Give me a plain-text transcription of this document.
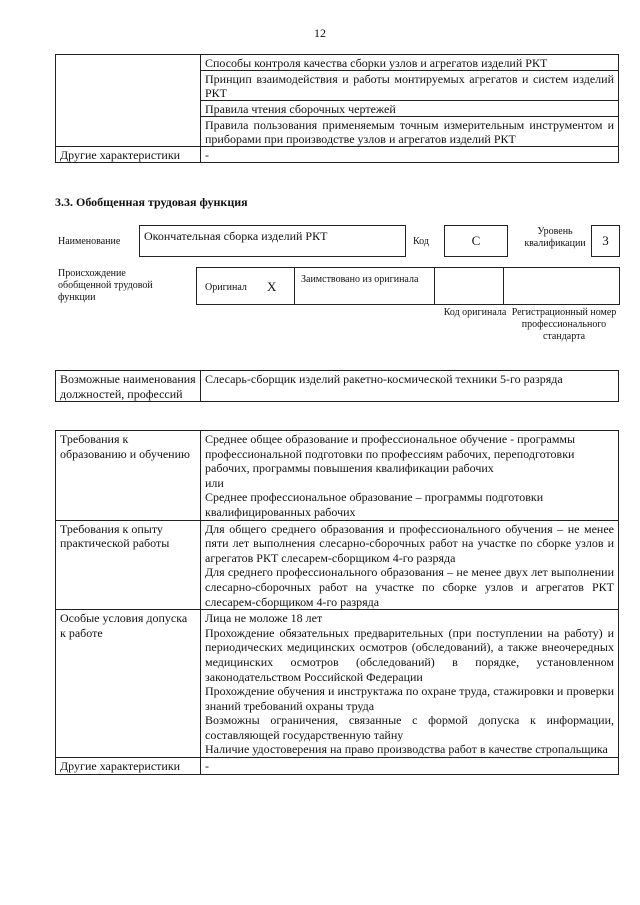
12
	Способы контроля качества сборки узлов и агрегатов изделий РКТ
	Принцип взаимодействия и работы монтируемых агрегатов и систем изделий РКТ
	Правила чтения сборочных чертежей
	Правила пользования применяемым точным измерительным инструментом и приборами при производстве узлов и агрегатов изделий РКТ
Другие характеристики	-
3.3. Обобщенная трудовая функция
Наименование	Окончательная сборка изделий РКТ	Код	C
Уровень квалификации	3
Происхождение обобщенной трудовой функции
Оригинал X Заимствовано из оригинала
Код оригинала Регистрационный номер профессионального стандарта
Возможные наименования должностей, профессий	Слесарь-сборщик изделий ракетно-космической техники 5-го разряда
Требования к образованию и обучению	Среднее общее образование и профессиональное обучение - программы профессиональной подготовки по профессиям рабочих, переподготовки рабочих, программы повышения квалификации рабочих
или
Среднее профессиональное образование – программы подготовки квалифицированных рабочих

Требования к опыту практической работы	Для общего среднего образования и профессионального обучения – не менее пяти лет выполнения слесарно-сборочных работ на участке по сборке узлов и агрегатов РКТ слесарем-сборщиком 4-го разряда
Для среднего профессионального образования – не менее двух лет выполнении слесарно-сборочных работ на участке по сборке узлов и агрегатов РКТ слесарем-сборщиком 4-го разряда

Особые условия допуска к работе	Лица не моложе 18 лет
Прохождение обязательных предварительных (при поступлении на работу) и периодических медицинских осмотров (обследований), а также внеочередных медицинских осмотров (обследований) в порядке, установленном законодательством Российской Федерации
Прохождение обучения и инструктажа по охране труда, стажировки и проверки знаний требований охраны труда
Возможны ограничения, связанные с формой допуска к информации, составляющей государственную тайну
Наличие удостоверения на право производства работ в качестве стропальщика

Другие характеристики	-
